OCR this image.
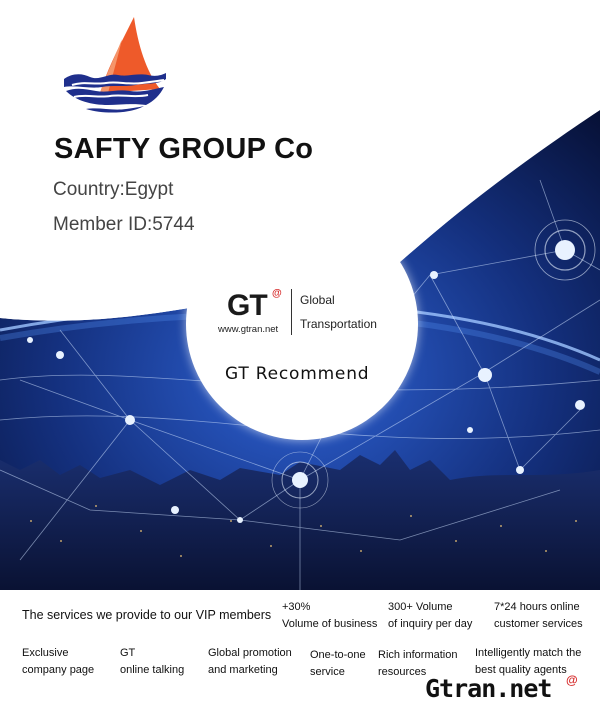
SAFTY GROUP Co
Country:Egypt
Member ID:5744
GT @
www.gtran.net
Global
Transportation
GT Recommend
The services we provide to our VIP members
+30%
Volume of business
300+ Volume
of inquiry per day
7*24 hours online
customer services
Exclusive
company page
GT
online talking
Global promotion
and marketing
One-to-one
service
Rich information
resources
Intelligently match the
best quality agents
Gtran.net @
